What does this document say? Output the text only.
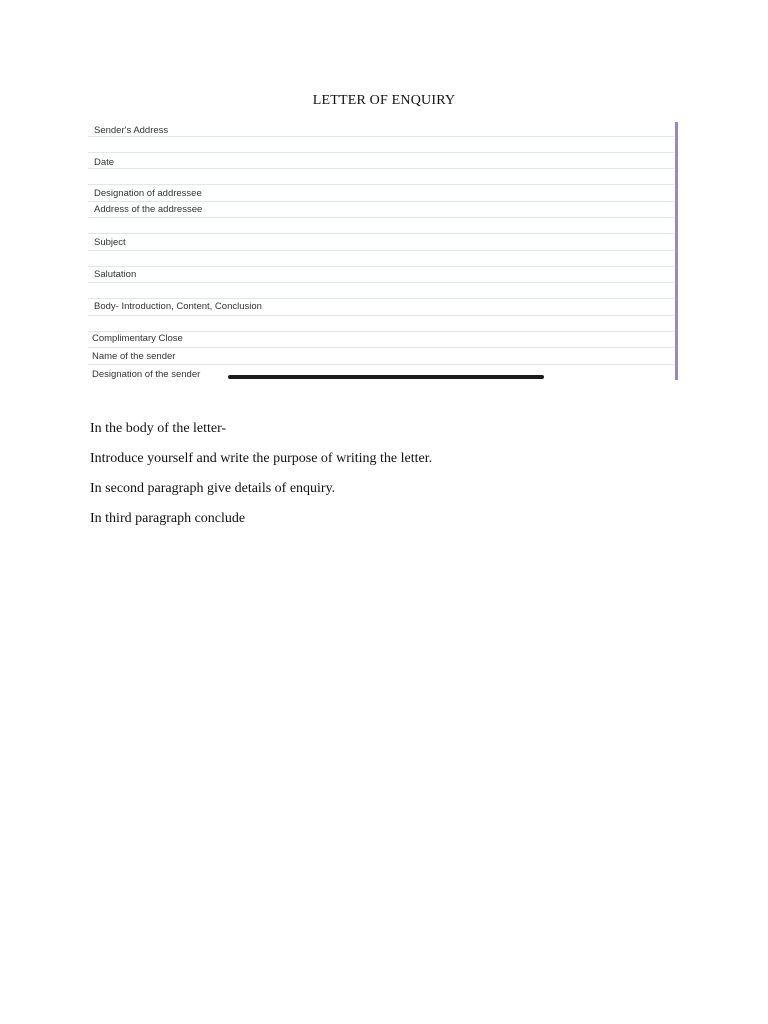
LETTER OF ENQUIRY
Sender's Address
Date
Designation of addressee
Address of the addressee
Subject
Salutation
Body- Introduction, Content, Conclusion
Complimentary Close
Name of the sender
Designation of the sender

In the body of the letter-

Introduce yourself and write the purpose of writing the letter.

In second paragraph give details of enquiry.

In third paragraph conclude
